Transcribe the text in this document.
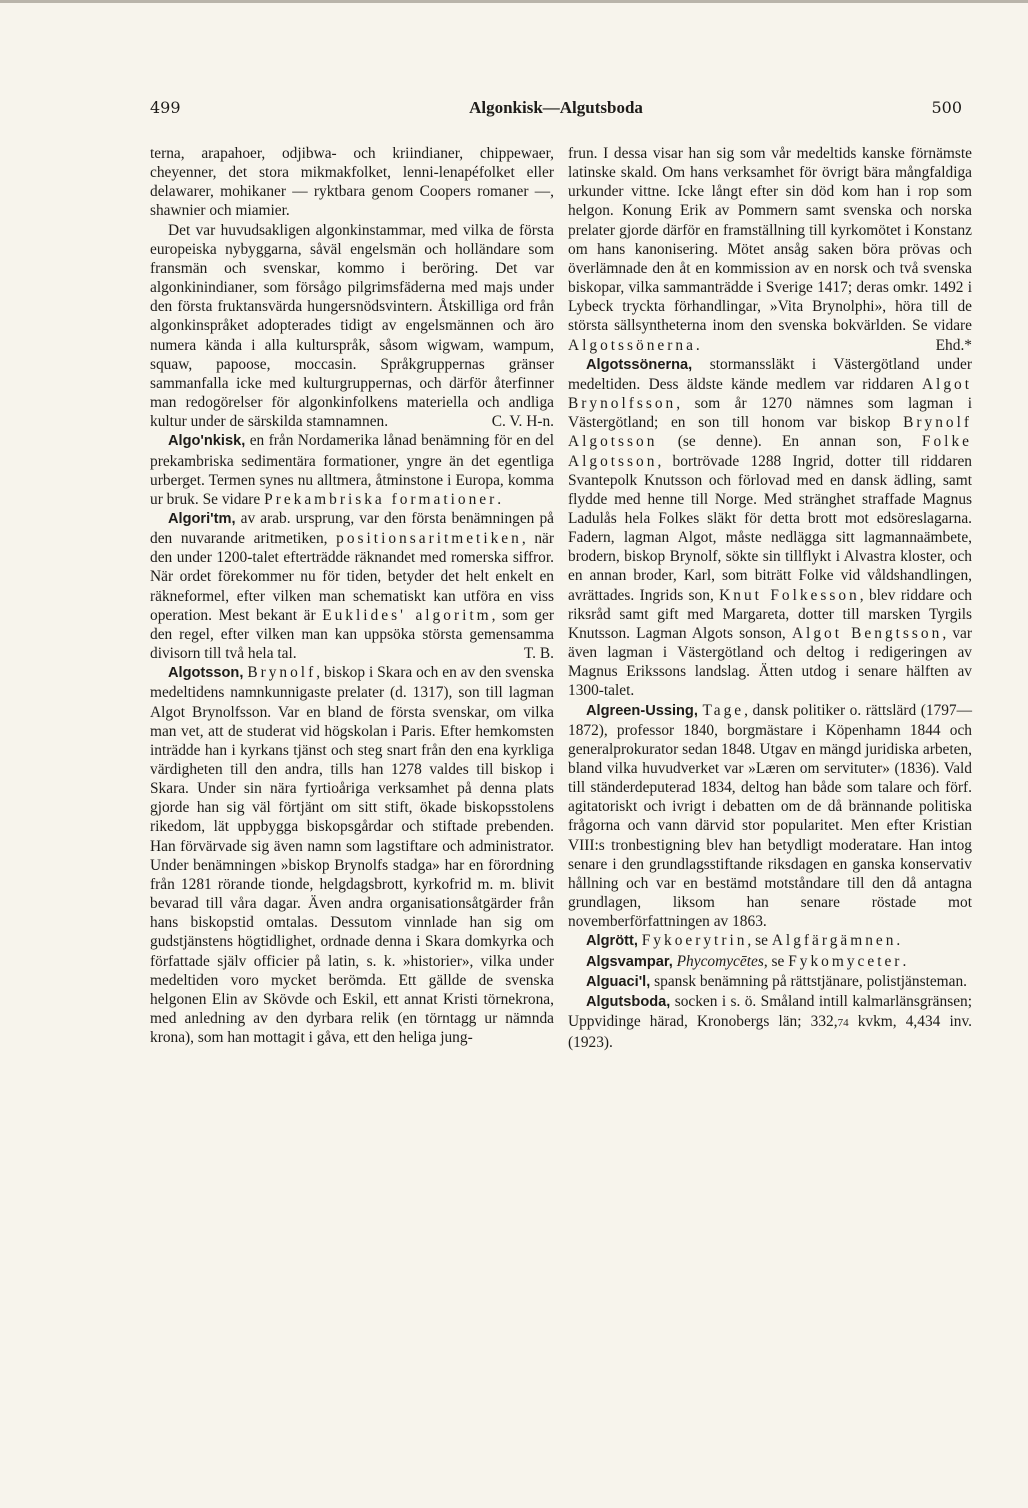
499	Algonkisk—Algutsboda	500

terna, arapahoer, odjibwa- och kriindianer, chippewaer, cheyenner, det stora mikmakfolket, lenni-lenapéfolket eller delawarer, mohikaner — ryktbara genom Coopers romaner —, shawnier och miamier.

Det var huvudsakligen algonkinstammar, med vilka de första europeiska nybyggarna, såväl engelsmän och holländare som fransmän och svenskar, kommo i beröring. Det var algonkinindianer, som försågo pilgrimsfäderna med majs under den första fruktansvärda hungersnödsvintern. Åtskilliga ord från algonkinspråket adopterades tidigt av engelsmännen och äro numera kända i alla kulturspråk, såsom wigwam, wampum, squaw, papoose, moccasin. Språkgruppernas gränser sammanfalla icke med kulturgruppernas, och därför återfinner man redogörelser för algonkinfolkens materiella och andliga kultur under de särskilda stamnamnen.	C. V. H-n.

Algo'nkisk, en från Nordamerika lånad benämning för en del prekambriska sedimentära formationer, yngre än det egentliga urberget. Termen synes nu alltmera, åtminstone i Europa, komma ur bruk. Se vidare Prekambriska formationer.

Algori'tm, av arab. ursprung, var den första benämningen på den nuvarande aritmetiken, positionsaritmetiken, när den under 1200-talet efterträdde räknandet med romerska siffror. När ordet förekommer nu för tiden, betyder det helt enkelt en räkneformel, efter vilken man schematiskt kan utföra en viss operation. Mest bekant är Euklides' algoritm, som ger den regel, efter vilken man kan uppsöka största gemensamma divisorn till två hela tal.	T. B.

Algotsson, Brynolf, biskop i Skara och en av den svenska medeltidens namnkunnigaste prelater (d. 1317), son till lagman Algot Brynolfsson. Var en bland de första svenskar, om vilka man vet, att de studerat vid högskolan i Paris. Efter hemkomsten inträdde han i kyrkans tjänst och steg snart från den ena kyrkliga värdigheten till den andra, tills han 1278 valdes till biskop i Skara. Under sin nära fyrtioåriga verksamhet på denna plats gjorde han sig väl förtjänt om sitt stift, ökade biskopsstolens rikedom, lät uppbygga biskopsgårdar och stiftade prebenden. Han förvärvade sig även namn som lagstiftare och administrator. Under benämningen »biskop Brynolfs stadga» har en förordning från 1281 rörande tionde, helgdagsbrott, kyrkofrid m. m. blivit bevarad till våra dagar. Även andra organisationsåtgärder från hans biskopstid omtalas. Dessutom vinnlade han sig om gudstjänstens högtidlighet, ordnade denna i Skara domkyrka och författade själv officier på latin, s. k. »historier», vilka under medeltiden voro mycket berömda. Ett gällde de svenska helgonen Elin av Skövde och Eskil, ett annat Kristi törnekrona, med anledning av den dyrbara relik (en törntagg ur nämnda krona), som han mottagit i gåva, ett den heliga jung-

frun. I dessa visar han sig som vår medeltids kanske förnämste latinske skald. Om hans verksamhet för övrigt bära mångfaldiga urkunder vittne. Icke långt efter sin död kom han i rop som helgon. Konung Erik av Pommern samt svenska och norska prelater gjorde därför en framställning till kyrkomötet i Konstanz om hans kanonisering. Mötet ansåg saken böra prövas och överlämnade den åt en kommission av en norsk och två svenska biskopar, vilka sammanträdde i Sverige 1417; deras omkr. 1492 i Lybeck tryckta förhandlingar, »Vita Brynolphi», höra till de största sällsyntheterna inom den svenska bokvärlden. Se vidare Algotssönerna.	Ehd.*

Algotssönerna, stormanssläkt i Västergötland under medeltiden. Dess äldste kände medlem var riddaren Algot Brynolfsson, som år 1270 nämnes som lagman i Västergötland; en son till honom var biskop Brynolf Algotsson (se denne). En annan son, Folke Algotsson, bortrövade 1288 Ingrid, dotter till riddaren Svantepolk Knutsson och förlovad med en dansk ädling, samt flydde med henne till Norge. Med stränghet straffade Magnus Ladulås hela Folkes släkt för detta brott mot edsöreslagarna. Fadern, lagman Algot, måste nedlägga sitt lagmannaämbete, brodern, biskop Brynolf, sökte sin tillflykt i Alvastra kloster, och en annan broder, Karl, som biträtt Folke vid våldshandlingen, avrättades. Ingrids son, Knut Folkesson, blev riddare och riksråd samt gift med Margareta, dotter till marsken Tyrgils Knutsson. Lagman Algots sonson, Algot Bengtsson, var även lagman i Västergötland och deltog i redigeringen av Magnus Erikssons landslag. Ätten utdog i senare hälften av 1300-talet.

Algreen-Ussing, Tage, dansk politiker o. rättslärd (1797—1872), professor 1840, borgmästare i Köpenhamn 1844 och generalprokurator sedan 1848. Utgav en mängd juridiska arbeten, bland vilka huvudverket var »Læren om servituter» (1836). Vald till ständerdeputerad 1834, deltog han både som talare och förf. agitatoriskt och ivrigt i debatten om de då brännande politiska frågorna och vann därvid stor popularitet. Men efter Kristian VIII:s tronbestigning blev han betydligt moderatare. Han intog senare i den grundlagsstiftande riksdagen en ganska konservativ hållning och var en bestämd motståndare till den då antagna grundlagen, liksom han senare röstade mot novemberförfattningen av 1863.

Algrött, Fykoerytrin, se Algfärgämnen.

Algsvampar, Phycomycētes, se Fykomyceter.

Alguaci'l, spansk benämning på rättstjänare, polistjänsteman.

Algutsboda, socken i s. ö. Småland intill kalmarlänsgränsen; Uppvidinge härad, Kronobergs län; 332,74 kvkm, 4,434 inv. (1923).
